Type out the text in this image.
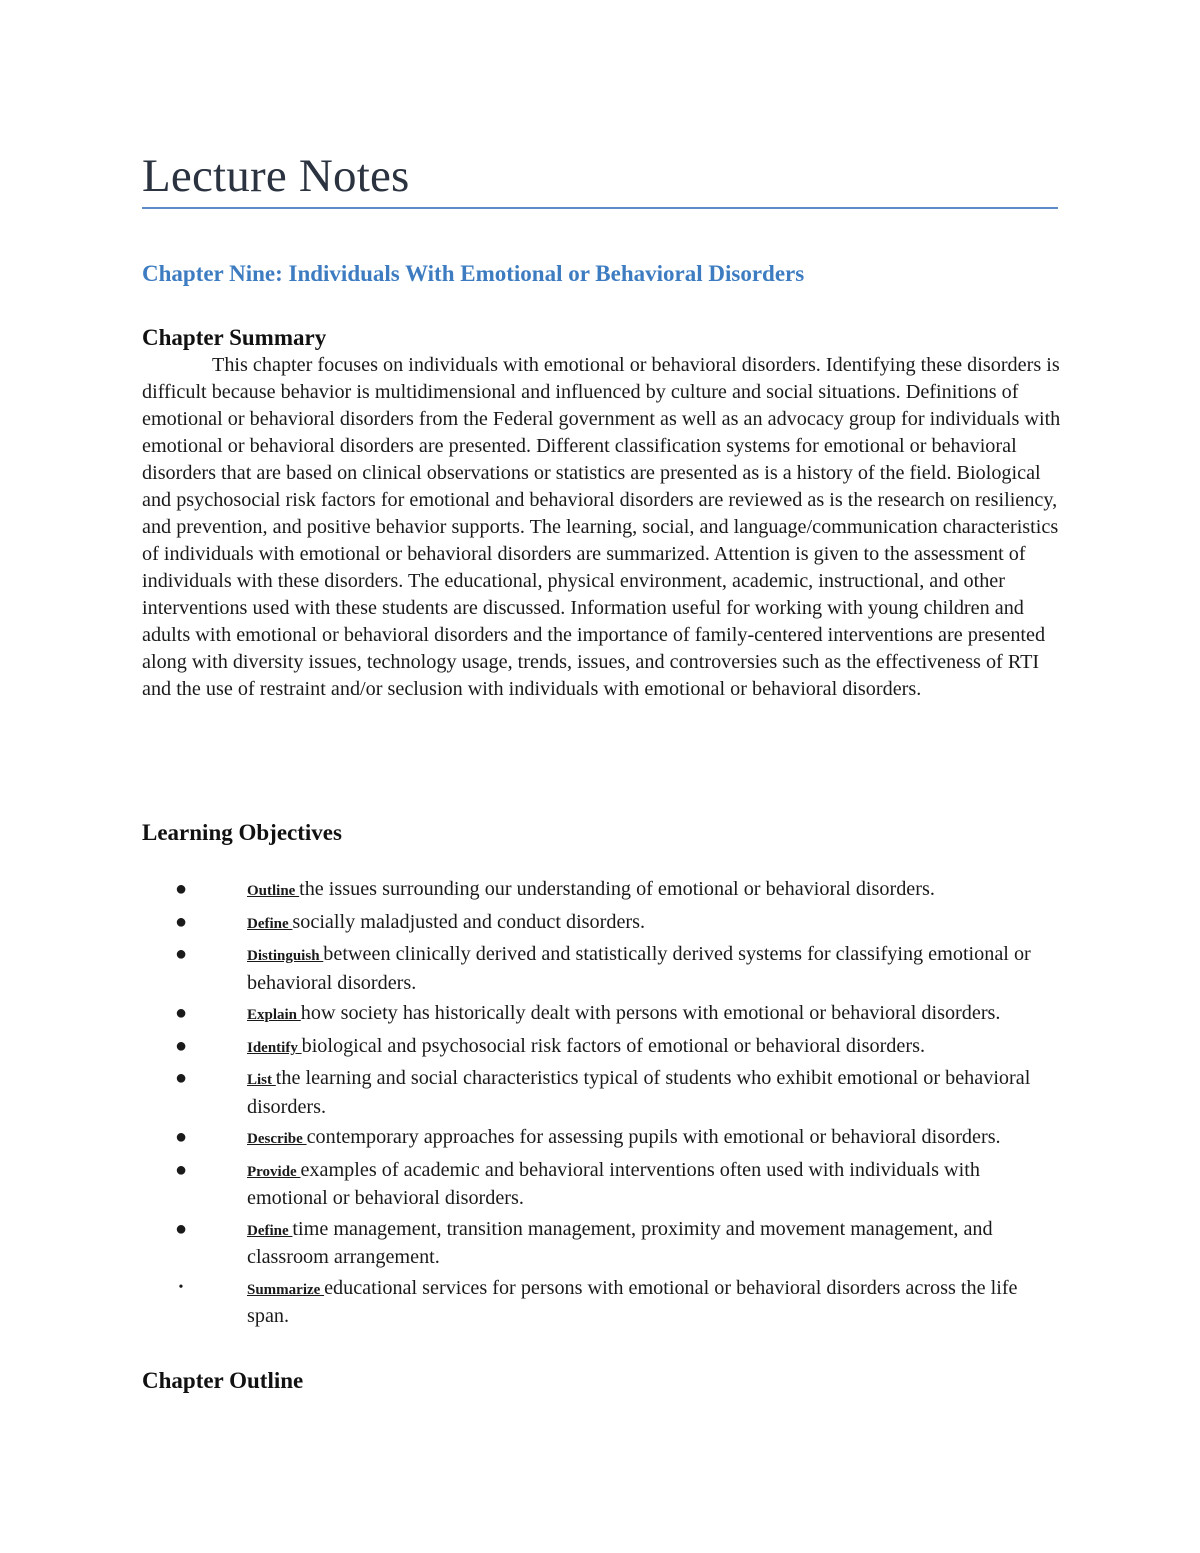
Lecture Notes
Chapter Nine: Individuals With Emotional or Behavioral Disorders
Chapter Summary

This chapter focuses on individuals with emotional or behavioral disorders. Identifying these disorders is difficult because behavior is multidimensional and influenced by culture and social situations. Definitions of emotional or behavioral disorders from the Federal government as well as an advocacy group for individuals with emotional or behavioral disorders are presented. Different classification systems for emotional or behavioral disorders that are based on clinical observations or statistics are presented as is a history of the field. Biological and psychosocial risk factors for emotional and behavioral disorders are reviewed as is the research on resiliency, and prevention, and positive behavior supports. The learning, social, and language/communication characteristics of individuals with emotional or behavioral disorders are summarized. Attention is given to the assessment of individuals with these disorders. The educational, physical environment, academic, instructional, and other interventions used with these students are discussed. Information useful for working with young children and adults with emotional or behavioral disorders and the importance of family-centered interventions are presented along with diversity issues, technology usage, trends, issues, and controversies such as the effectiveness of RTI and the use of restraint and/or seclusion with individuals with emotional or behavioral disorders.

Learning Objectives
●	Outline the issues surrounding our understanding of emotional or behavioral disorders.
●	Define socially maladjusted and conduct disorders.
●	Distinguish between clinically derived and statistically derived systems for classifying emotional or behavioral disorders.
●	Explain how society has historically dealt with persons with emotional or behavioral disorders.
●	Identify biological and psychosocial risk factors of emotional or behavioral disorders.
●	List the learning and social characteristics typical of students who exhibit emotional or behavioral disorders.
●	Describe contemporary approaches for assessing pupils with emotional or behavioral disorders.
●	Provide examples of academic and behavioral interventions often used with individuals with emotional or behavioral disorders.
●	Define time management, transition management, proximity and movement management, and classroom arrangement.
•	Summarize educational services for persons with emotional or behavioral disorders across the life span.
Chapter Outline
